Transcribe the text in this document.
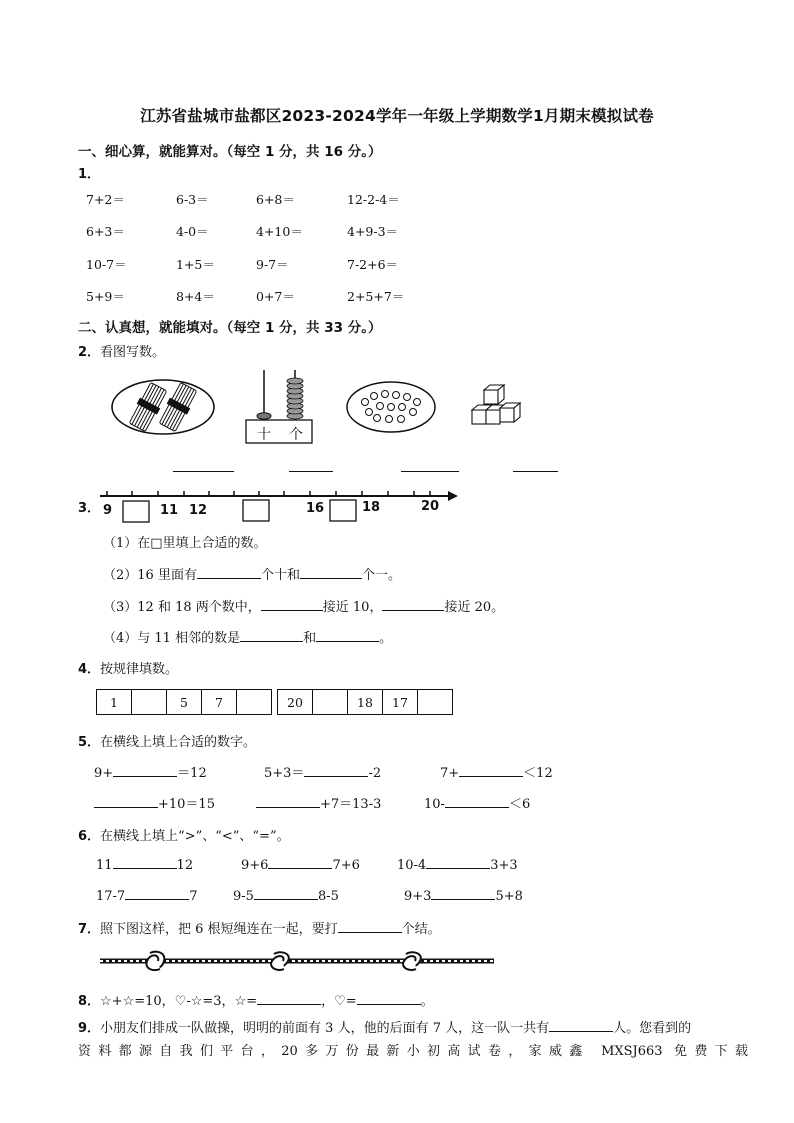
江苏省盐城市盐都区2023-2024学年一年级上学期数学1月期末模拟试卷
一、细心算，就能算对。（每空 1 分，共 16 分。）
1．
7+2＝	6-3＝	6+8＝	12-2-4＝
6+3＝	4-0＝	4+10＝	4+9-3＝
10-7＝	1+5＝	9-7＝	7-2+6＝
5+9＝	8+4＝	0+7＝	2+5+7＝
二、认真想，就能填对。（每空 1 分，共 33 分。）
2．看图写数。
十 个
3． 9	11 12	16	18	20
（1）在□里填上合适的数。
（2）16 里面有	个十和	个一。
（3）12 和 18 两个数中，	接近 10，	接近 20。
（4）与 11 相邻的数是	和	。
4．按规律填数。
1		5	7			20		18	17	
5．在横线上填上合适的数字。
9+	＝12	5+3＝	-2	7+	＜12
+10＝15	+7＝13-3	10-	＜6
6．在横线上填上“>”、“<”、“=”。
11	12	9+6	7+6	10-4	3+3
17-7	7	9-5	8-5	9+3	5+8
7．照下图这样，把 6 根短绳连在一起，要打	个结。
8．☆+☆=10，♡-☆=3，☆=	，♡=	。
9．小朋友们排成一队做操，明明的前面有 3 人，他的后面有 7 人，这一队一共有	人。您看到的
资料都源自我们平台，20多万份最新小初高试卷，家威鑫 MXSJ663 免费下载
